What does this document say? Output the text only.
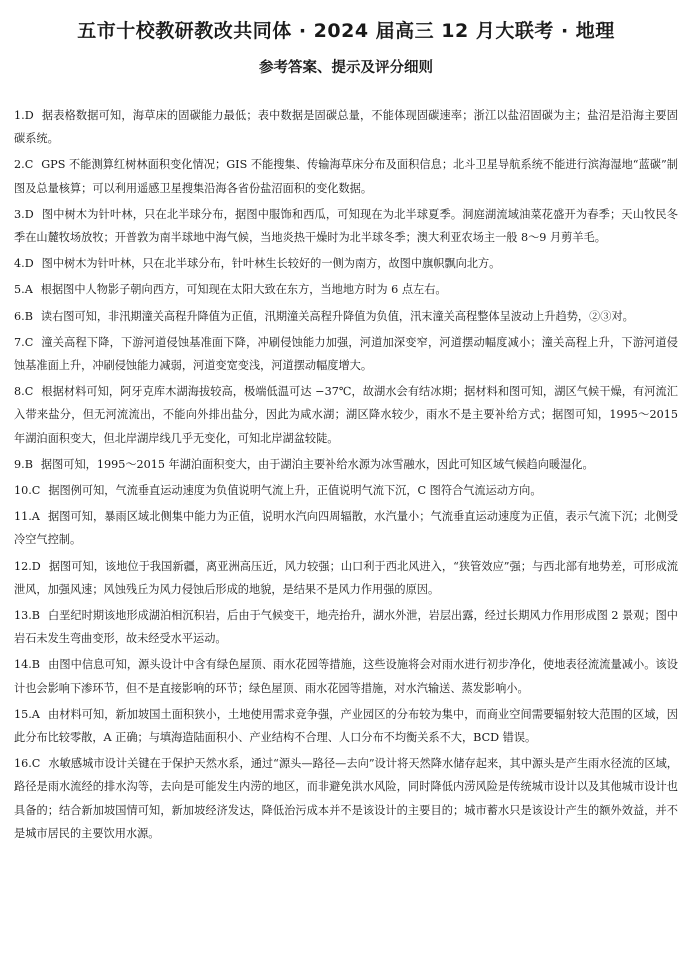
五市十校教研教改共同体 · 2024 届高三 12 月大联考 · 地理
参考答案、提示及评分细则
1.D 据表格数据可知，海草床的固碳能力最低；表中数据是固碳总量，不能体现固碳速率；浙江以盐沼固碳为主；盐沼是沿海主要固碳系统。
2.C GPS 不能测算红树林面积变化情况；GIS 不能搜集、传输海草床分布及面积信息；北斗卫星导航系统不能进行滨海湿地“蓝碳”制图及总量核算；可以利用遥感卫星搜集沿海各省份盐沼面积的变化数据。
3.D 图中树木为针叶林，只在北半球分布，据图中服饰和西瓜，可知现在为北半球夏季。洞庭湖流域油菜花盛开为春季；天山牧民冬季在山麓牧场放牧；开普敦为南半球地中海气候，当地炎热干燥时为北半球冬季；澳大利亚农场主一般 8～9 月剪羊毛。
4.D 图中树木为针叶林，只在北半球分布，针叶林生长较好的一侧为南方，故图中旗帜飘向北方。
5.A 根据图中人物影子朝向西方，可知现在太阳大致在东方，当地地方时为 6 点左右。
6.B 读右图可知，非汛期潼关高程升降值为正值，汛期潼关高程升降值为负值，汛末潼关高程整体呈波动上升趋势，②③对。
7.C 潼关高程下降，下游河道侵蚀基准面下降，冲刷侵蚀能力加强，河道加深变窄，河道摆动幅度减小；潼关高程上升，下游河道侵蚀基准面上升，冲刷侵蚀能力减弱，河道变宽变浅，河道摆动幅度增大。
8.C 根据材料可知，阿牙克库木湖海拔较高，极端低温可达 −37℃，故湖水会有结冰期；据材料和图可知，湖区气候干燥，有河流汇入带来盐分，但无河流流出，不能向外排出盐分，因此为咸水湖；湖区降水较少，雨水不是主要补给方式；据图可知，1995～2015 年湖泊面积变大，但北岸湖岸线几乎无变化，可知北岸湖盆较陡。
9.B 据图可知，1995～2015 年湖泊面积变大，由于湖泊主要补给水源为冰雪融水，因此可知区域气候趋向暖湿化。
10.C 据图例可知，气流垂直运动速度为负值说明气流上升，正值说明气流下沉，C 图符合气流运动方向。
11.A 据图可知，暴雨区域北侧集中能力为正值，说明水汽向四周辐散，水汽量小；气流垂直运动速度为正值，表示气流下沉；北侧受冷空气控制。
12.D 据图可知，该地位于我国新疆，离亚洲高压近，风力较强；山口利于西北风进入，“狭管效应”强；与西北部有地势差，可形成流泄风，加强风速；风蚀残丘为风力侵蚀后形成的地貌，是结果不是风力作用强的原因。
13.B 白垩纪时期该地形成湖泊相沉积岩，后由于气候变干，地壳抬升，湖水外泄，岩层出露，经过长期风力作用形成图 2 景观；图中岩石未发生弯曲变形，故未经受水平运动。
14.B 由图中信息可知，源头设计中含有绿色屋顶、雨水花园等措施，这些设施将会对雨水进行初步净化，使地表径流流量减小。该设计也会影响下渗环节，但不是直接影响的环节；绿色屋顶、雨水花园等措施，对水汽输送、蒸发影响小。
15.A 由材料可知，新加坡国土面积狭小，土地使用需求竞争强，产业园区的分布较为集中，而商业空间需要辐射较大范围的区域，因此分布比较零散，A 正确；与填海造陆面积小、产业结构不合理、人口分布不均衡关系不大，BCD 错误。
16.C 水敏感城市设计关键在于保护天然水系，通过“源头—路径—去向”设计将天然降水储存起来，其中源头是产生雨水径流的区域，路径是雨水流经的排水沟等，去向是可能发生内涝的地区，而非避免洪水风险，同时降低内涝风险是传统城市设计以及其他城市设计也具备的；结合新加坡国情可知，新加坡经济发达，降低治污成本并不是该设计的主要目的；城市蓄水只是该设计产生的额外效益，并不是城市居民的主要饮用水源。
